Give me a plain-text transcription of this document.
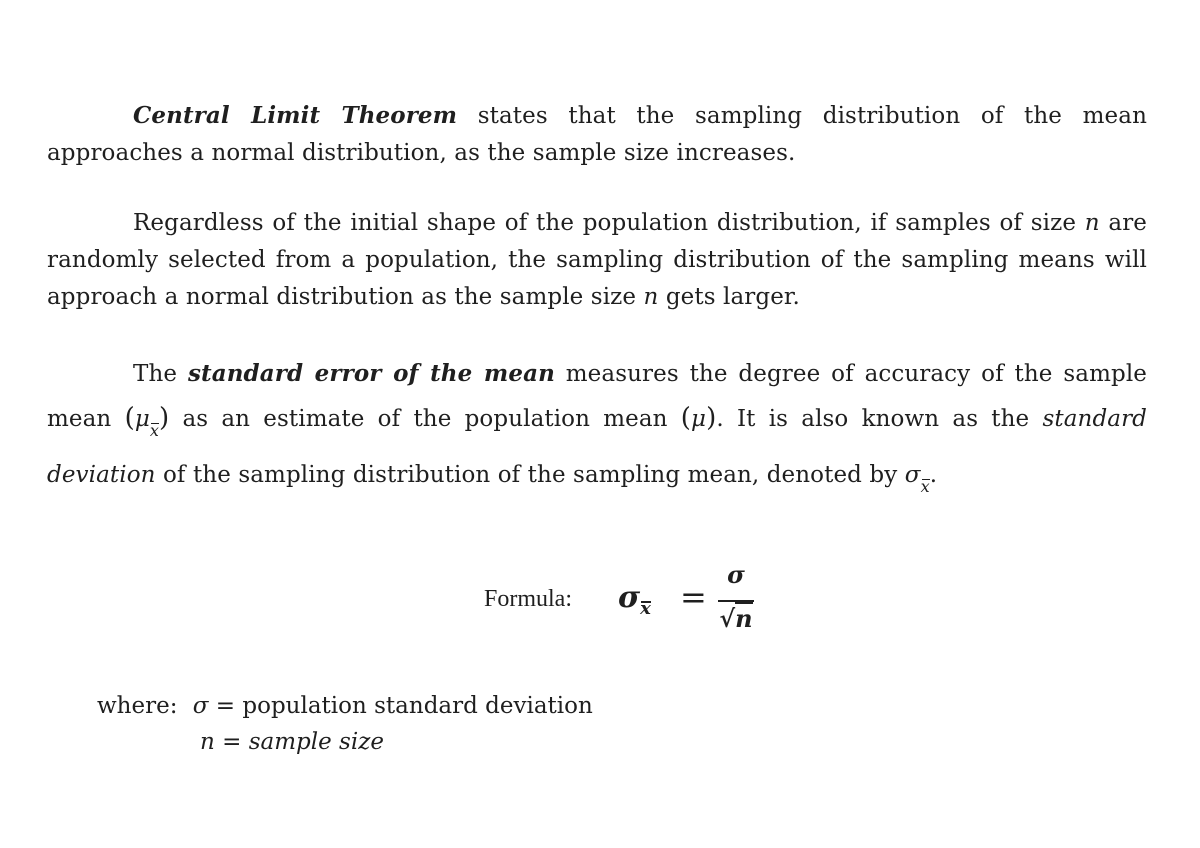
Central Limit Theorem states that the sampling distribution of the mean approaches a normal distribution, as the sample size increases.

Regardless of the initial shape of the population distribution, if samples of size n are randomly selected from a population, the sampling distribution of the sampling means will approach a normal distribution as the sample size n gets larger.

The standard error of the mean measures the degree of accuracy of the sample mean (μ
$_x$) as an estimate of the population mean (μ). It is also known as the standard deviation of the sampling distribution of the sampling mean, denoted by σ
$_x$.

Formula: σ
$_x$ =
σ
√n
where: σ = population standard deviation
n = sample size
